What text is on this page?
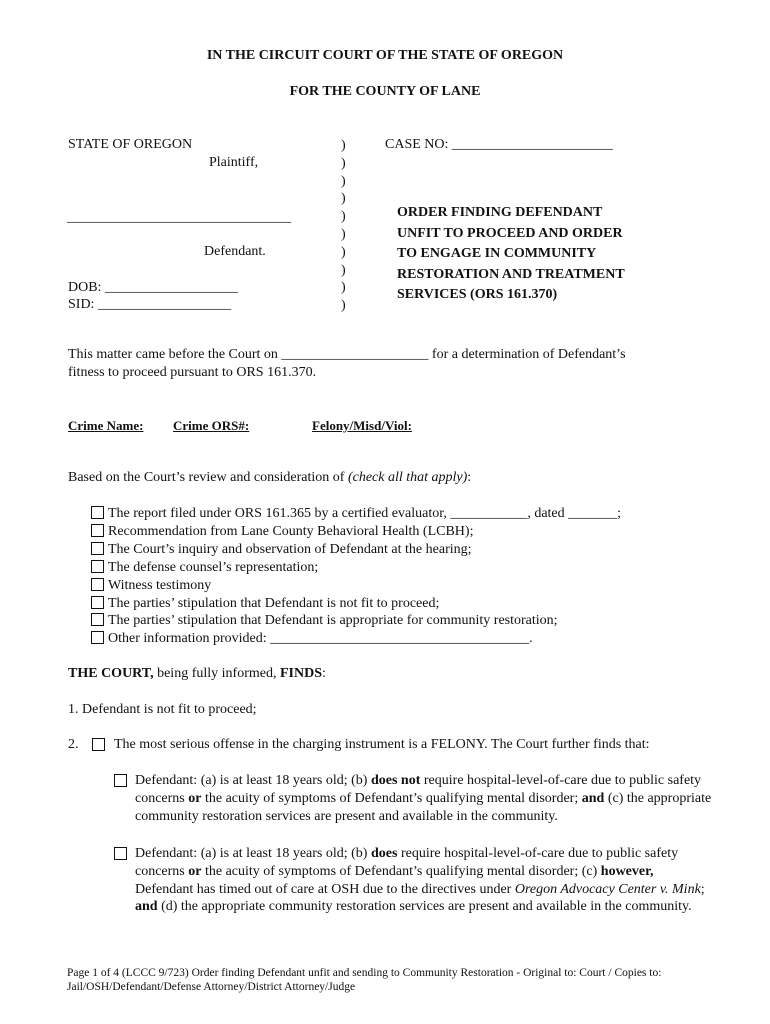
IN THE CIRCUIT COURT OF THE STATE OF OREGON
FOR THE COUNTY OF LANE
STATE OF OREGON
Plaintiff,
________________________________
Defendant.
DOB: ___________________
SID: ___________________
)
)
)
)
)
)
)
)
)
)
CASE NO: _______________________
ORDER FINDING DEFENDANT
UNFIT TO PROCEED AND ORDER
TO ENGAGE IN COMMUNITY
RESTORATION AND TREATMENT
SERVICES (ORS 161.370)
This matter came before the Court on _____________________ for a determination of Defendant’s
fitness to proceed pursuant to ORS 161.370.
Crime Name: Crime ORS#:	Felony/Misd/Viol:
Based on the Court’s review and consideration of (check all that apply):
The report filed under ORS 161.365 by a certified evaluator, ___________, dated _______;
Recommendation from Lane County Behavioral Health (LCBH);
The Court’s inquiry and observation of Defendant at the hearing;
The defense counsel’s representation;
Witness testimony
The parties’ stipulation that Defendant is not fit to proceed;
The parties’ stipulation that Defendant is appropriate for community restoration;
Other information provided: _____________________________________.
THE COURT, being fully informed, FINDS:
1. Defendant is not fit to proceed;
2.	The most serious offense in the charging instrument is a FELONY. The Court further finds that:
Defendant: (a) is at least 18 years old; (b) does not require hospital-level-of-care due to public safety concerns or the acuity of symptoms of Defendant’s qualifying mental disorder; and (c) the appropriate community restoration services are present and available in the community.
Defendant: (a) is at least 18 years old; (b) does require hospital-level-of-care due to public safety concerns or the acuity of symptoms of Defendant’s qualifying mental disorder; (c) however, Defendant has timed out of care at OSH due to the directives under Oregon Advocacy Center v. Mink; and (d) the appropriate community restoration services are present and available in the community.
Page 1 of 4 (LCCC 9/723) Order finding Defendant unfit and sending to Community Restoration - Original to: Court / Copies to: Jail/OSH/Defendant/Defense Attorney/District Attorney/Judge
